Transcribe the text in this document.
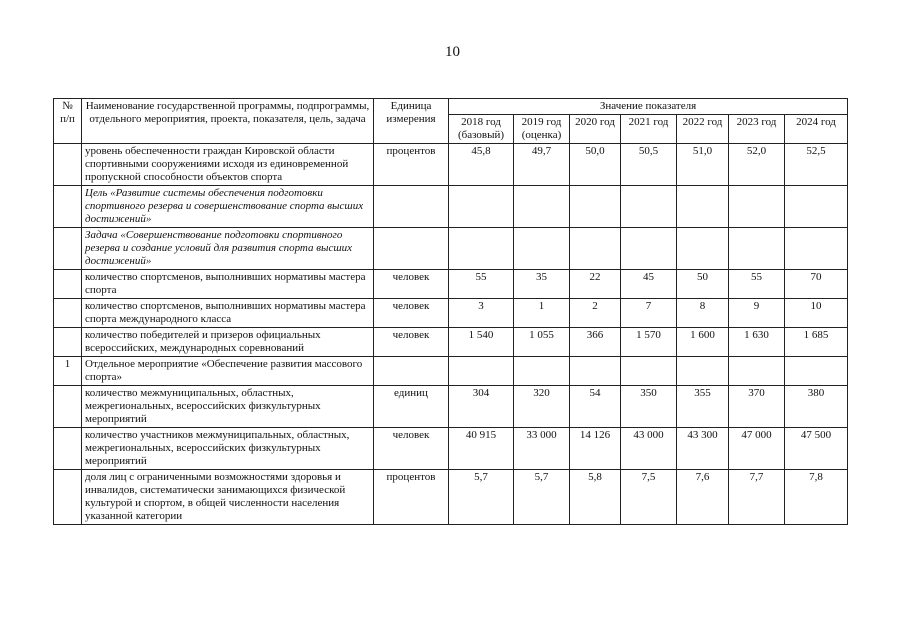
10
№ п/п	Наименование государственной программы, подпрограммы, отдельного мероприятия, проекта, показателя, цель, задача	Единица измерения	Значение показателя						
			2018 год (базовый)	2019 год (оценка)	2020 год	2021 год	2022 год	2023 год	2024 год
	уровень обеспеченности граждан Кировской области спортивными сооружениями исходя из единовременной пропускной способности объектов спорта	процентов	45,8	49,7	50,0	50,5	51,0	52,0	52,5
	Цель «Развитие системы обеспечения подготовки спортивного резерва и совершенствование спорта высших достижений»								
	Задача «Совершенствование подготовки спортивного резерва и создание условий для развития спорта высших достижений»								
	количество спортсменов, выполнивших нормативы мастера спорта	человек	55	35	22	45	50	55	70
	количество спортсменов, выполнивших нормативы мастера спорта международного класса	человек	3	1	2	7	8	9	10
	количество победителей и призеров официальных всероссийских, международных соревнований	человек	1 540	1 055	366	1 570	1 600	1 630	1 685
1	Отдельное мероприятие «Обеспечение развития массового спорта»								
	количество межмуниципальных, областных, межрегиональных, всероссийских физкультурных мероприятий	единиц	304	320	54	350	355	370	380
	количество участников межмуниципальных, областных, межрегиональных, всероссийских физкультурных мероприятий	человек	40 915	33 000	14 126	43 000	43 300	47 000	47 500
	доля лиц с ограниченными возможностями здоровья и инвалидов, систематически занимающихся физической культурой и спортом, в общей численности населения указанной категории	процентов	5,7	5,7	5,8	7,5	7,6	7,7	7,8
